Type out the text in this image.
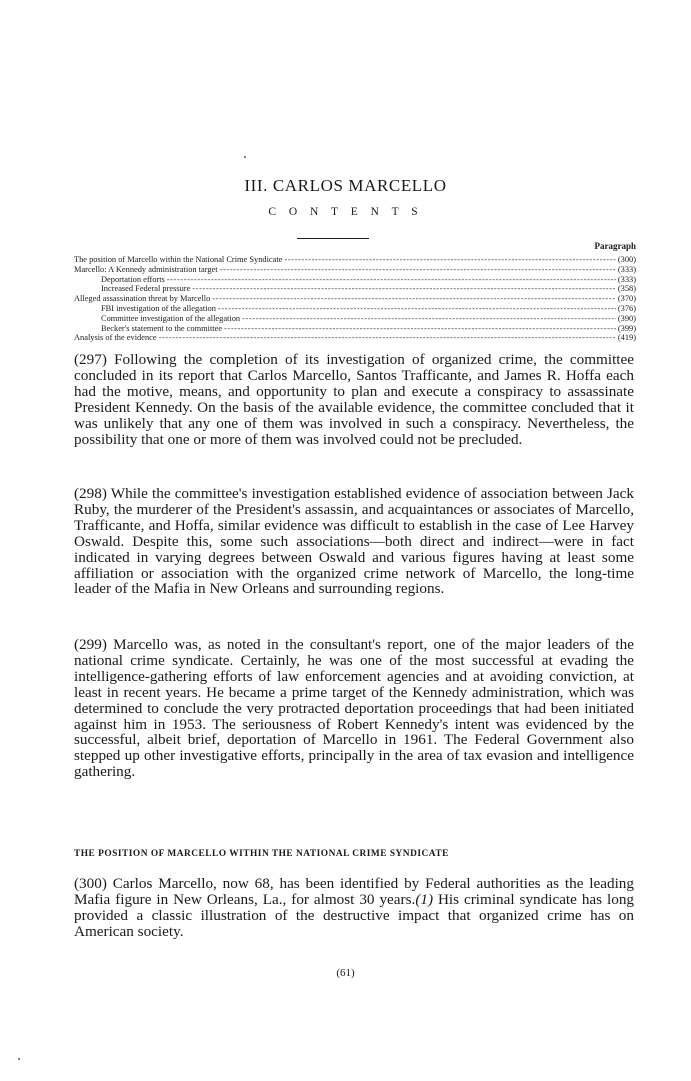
III. CARLOS MARCELLO
C O N T E N T S
Paragraph
The position of Marcello within the National Crime Syndicate -----	(300)
Marcello: A Kennedy administration target -----	(333)
Deportation efforts -----	(333)
Increased Federal pressure -----	(358)
Alleged assassination threat by Marcello -----	(370)
FBI investigation of the allegation -----	(376)
Committee investigation of the allegation -----	(390)
Becker's statement to the committee -----	(399)
Analysis of the evidence -----	(419)

(297) Following the completion of its investigation of organized crime, the committee concluded in its report that Carlos Marcello, Santos Trafficante, and James R. Hoffa each had the motive, means, and opportunity to plan and execute a conspiracy to assassinate President Kennedy. On the basis of the available evidence, the committee concluded that it was unlikely that any one of them was involved in such a conspiracy. Nevertheless, the possibility that one or more of them was involved could not be precluded.

(298) While the committee's investigation established evidence of association between Jack Ruby, the murderer of the President's assassin, and acquaintances or associates of Marcello, Trafficante, and Hoffa, similar evidence was difficult to establish in the case of Lee Harvey Oswald. Despite this, some such associations—both direct and indirect—were in fact indicated in varying degrees between Oswald and various figures having at least some affiliation or association with the organized crime network of Marcello, the long-time leader of the Mafia in New Orleans and surrounding regions.

(299) Marcello was, as noted in the consultant's report, one of the major leaders of the national crime syndicate. Certainly, he was one of the most successful at evading the intelligence-gathering efforts of law enforcement agencies and at avoiding conviction, at least in recent years. He became a prime target of the Kennedy administration, which was determined to conclude the very protracted deportation proceedings that had been initiated against him in 1953. The seriousness of Robert Kennedy's intent was evidenced by the successful, albeit brief, deportation of Marcello in 1961. The Federal Government also stepped up other investigative efforts, principally in the area of tax evasion and intelligence gathering.

THE POSITION OF MARCELLO WITHIN THE NATIONAL CRIME SYNDICATE

(300) Carlos Marcello, now 68, has been identified by Federal authorities as the leading Mafia figure in New Orleans, La., for almost 30 years.(1) His criminal syndicate has long provided a classic illustration of the destructive impact that organized crime has on American society.

(61)
